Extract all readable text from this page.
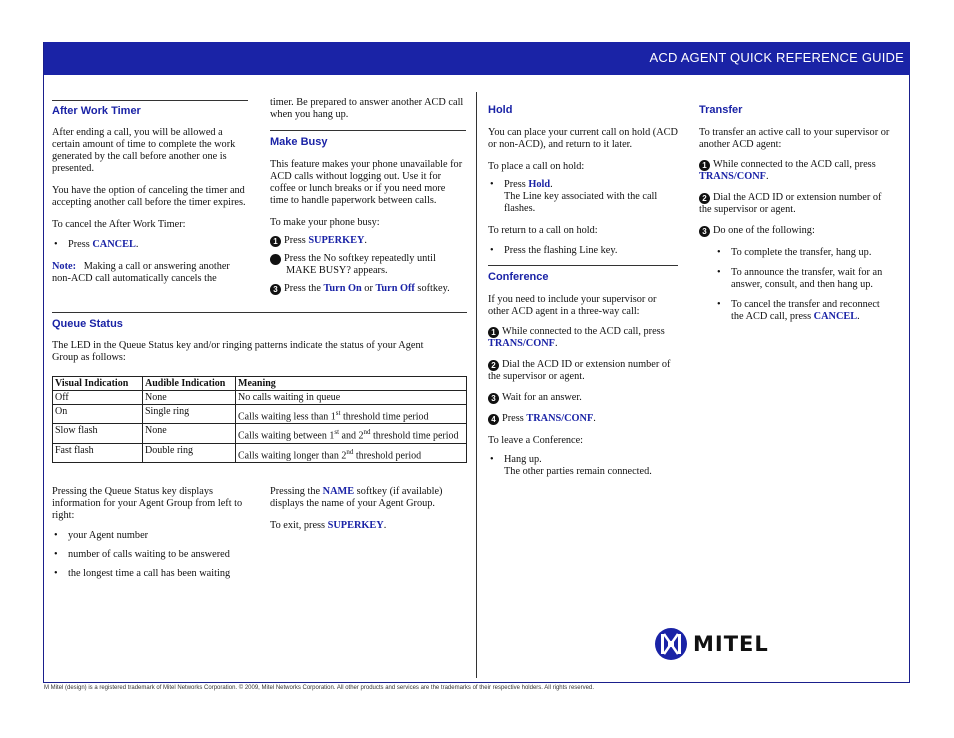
ACD AGENT QUICK REFERENCE GUIDE

After Work Timer

After ending a call, you will be allowed a certain amount of time to complete the work generated by the call before another one is presented.

You have the option of canceling the timer and accepting another call before the timer expires.

To cancel the After Work Timer:

• Press CANCEL.

Note: Making a call or answering another non-ACD call automatically cancels the

timer. Be prepared to answer another ACD call when you hang up.

Make Busy

This feature makes your phone unavailable for ACD calls without logging out. Use it for coffee or lunch breaks or if you need more time to handle paperwork between calls.

To make your phone busy:

1 Press SUPERKEY.

2 Press the No softkey repeatedly until MAKE BUSY? appears.

3 Press the Turn On or Turn Off softkey.

Queue Status

The LED in the Queue Status key and/or ringing patterns indicate the status of your Agent Group as follows:

Visual Indication	Audible Indication	Meaning
Off	None	No calls waiting in queue
On	Single ring	Calls waiting less than 1st threshold time period
Slow flash	None	Calls waiting between 1st and 2nd threshold time period
Fast flash	Double ring	Calls waiting longer than 2nd threshold period

Pressing the Queue Status key displays information for your Agent Group from left to right:

• your Agent number
• number of calls waiting to be answered
• the longest time a call has been waiting

Pressing the NAME softkey (if available) displays the name of your Agent Group.

To exit, press SUPERKEY.

Hold

You can place your current call on hold (ACD or non-ACD), and return to it later.

To place a call on hold:

• Press Hold.
The Line key associated with the call flashes.

To return to a call on hold:

• Press the flashing Line key.

Conference

If you need to include your supervisor or other ACD agent in a three-way call:

1 While connected to the ACD call, press TRANS/CONF.

2 Dial the ACD ID or extension number of the supervisor or agent.

3 Wait for an answer.

4 Press TRANS/CONF.

To leave a Conference:

• Hang up.
The other parties remain connected.

Transfer

To transfer an active call to your supervisor or another ACD agent:

1 While connected to the ACD call, press TRANS/CONF.

2 Dial the ACD ID or extension number of the supervisor or agent.

3 Do one of the following:

• To complete the transfer, hang up.
• To announce the transfer, wait for an answer, consult, and then hang up.
• To cancel the transfer and reconnect the ACD call, press CANCEL.
MITEL
M Mitel (design) is a registered trademark of Mitel Networks Corporation. © 2009, Mitel Networks Corporation. All other products and services are the trademarks of their respective holders. All rights reserved.
